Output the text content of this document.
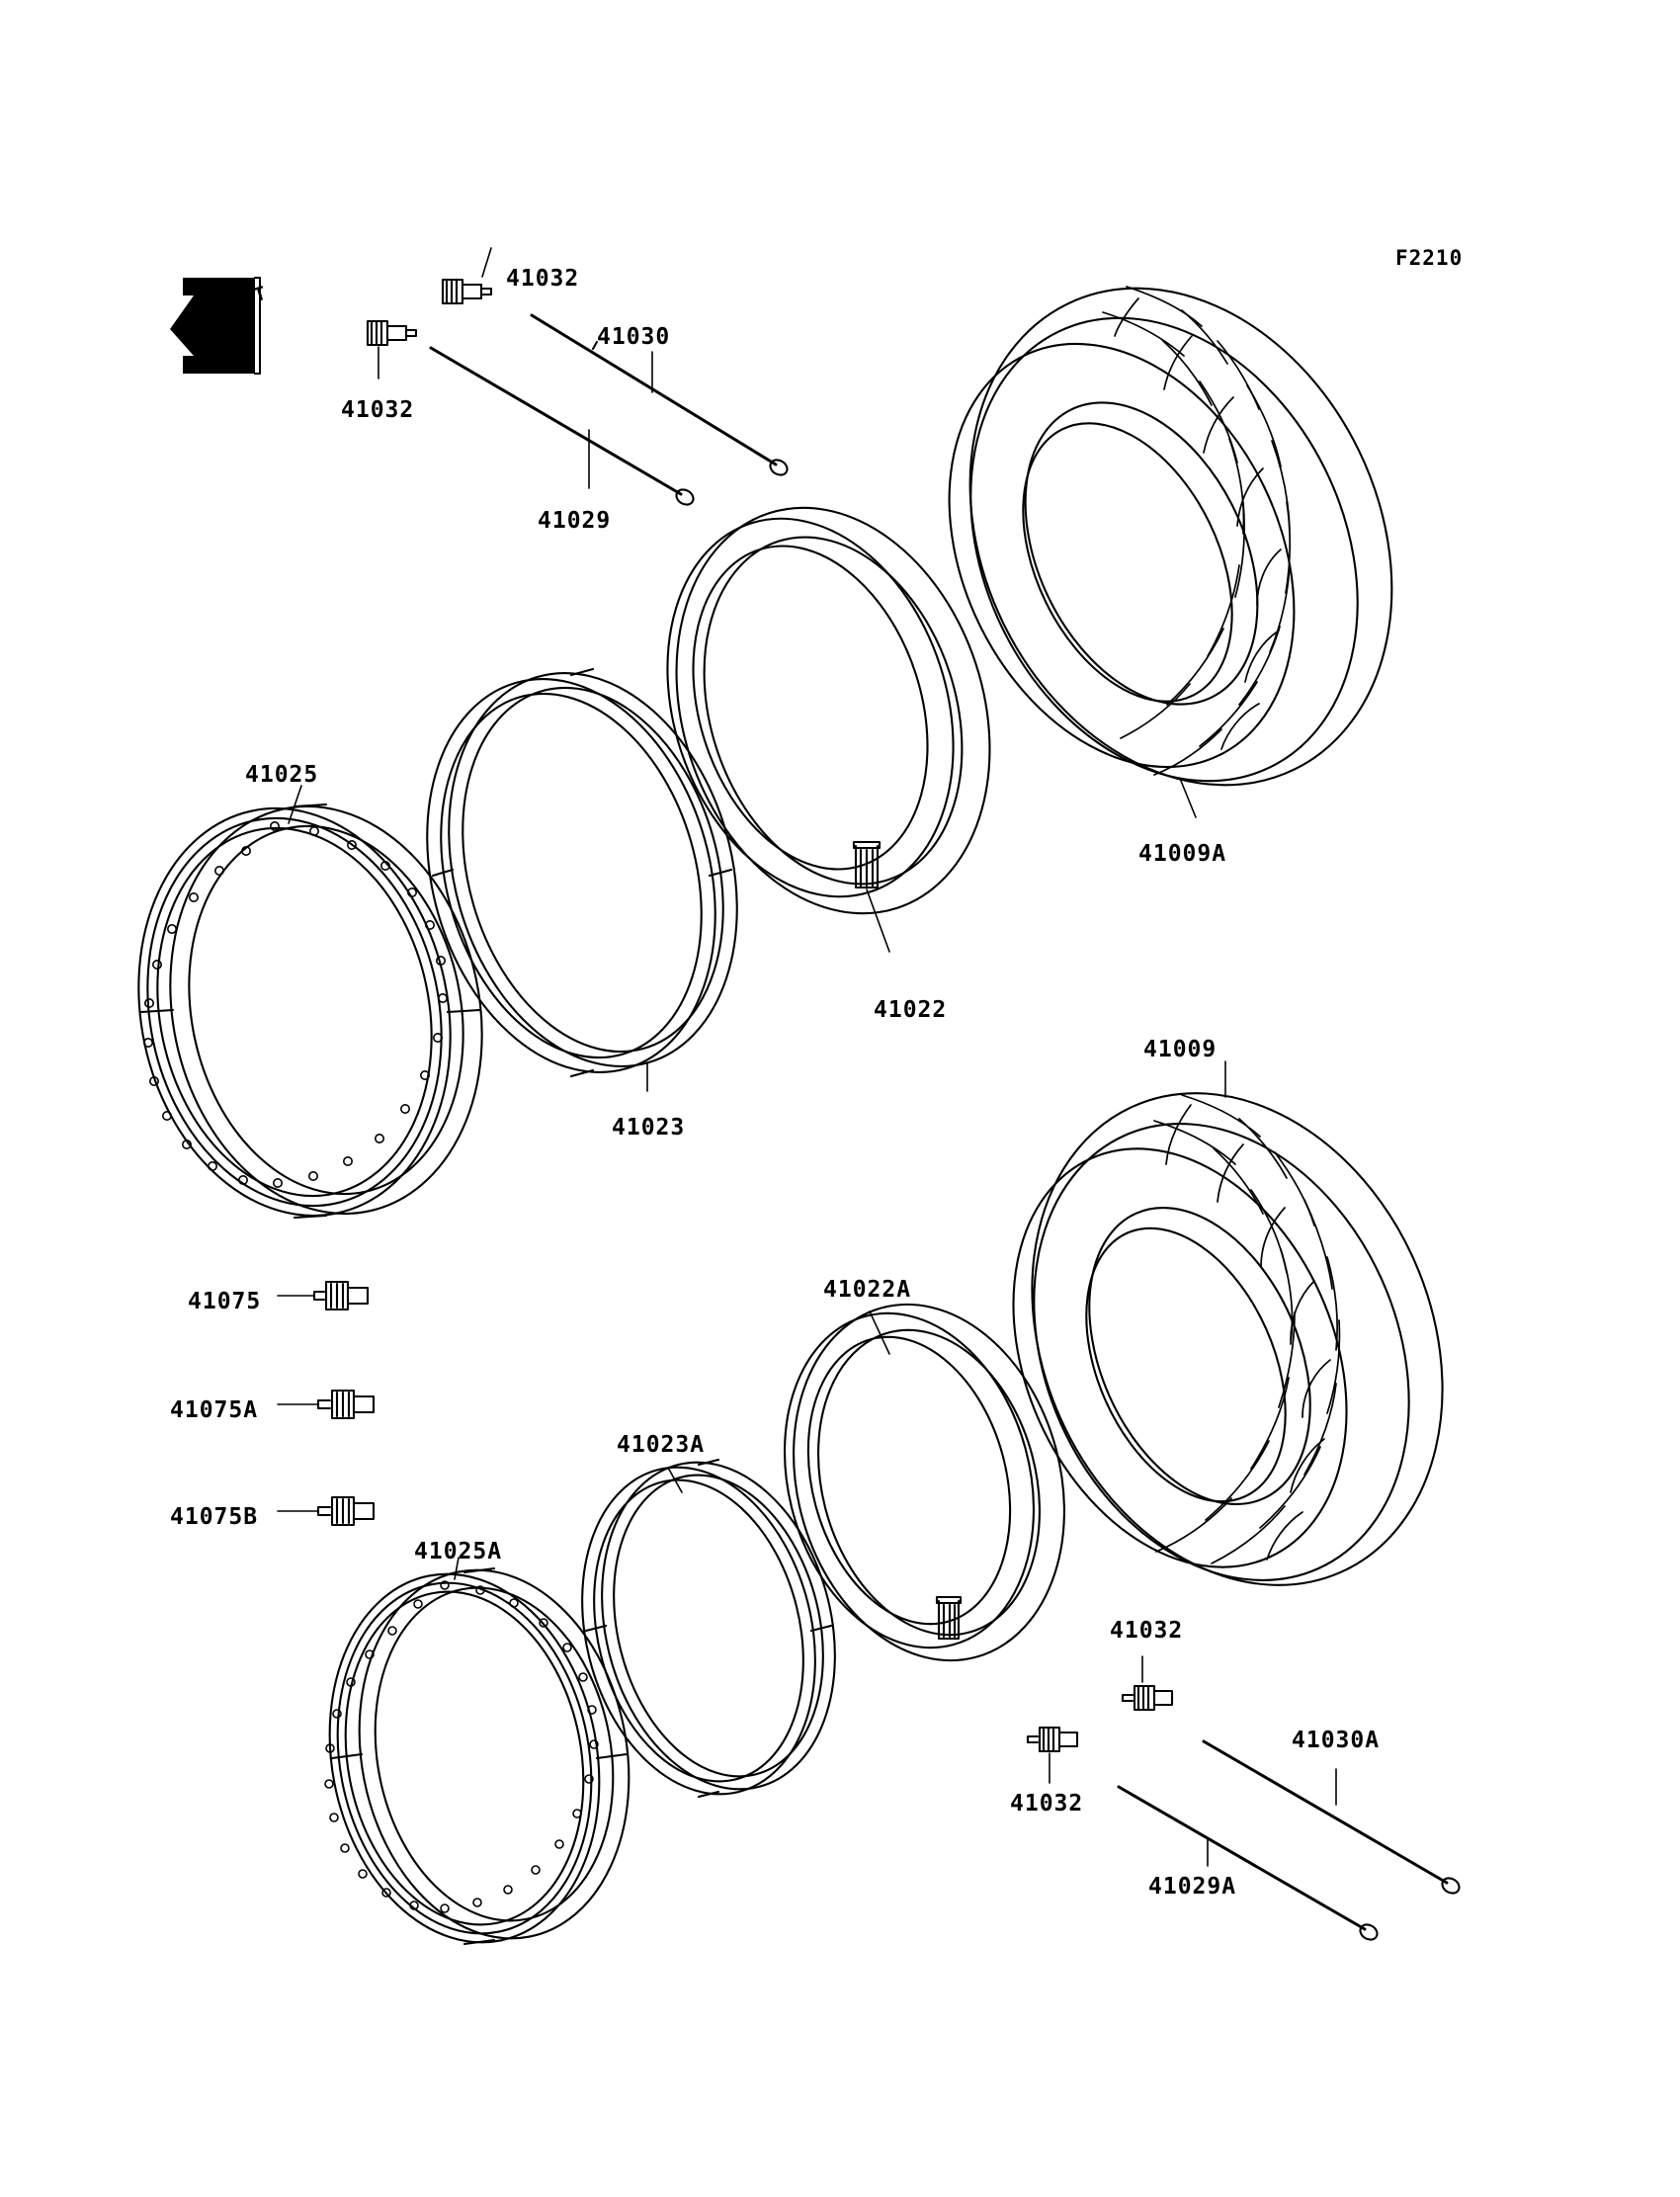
F2210
FRONT
41032
41030
41032
41029
41009A
41025
41022
41023
41009
41075
41075A
41075B
41022A
41023A
41025A
41032
41030A
41032
41029A
